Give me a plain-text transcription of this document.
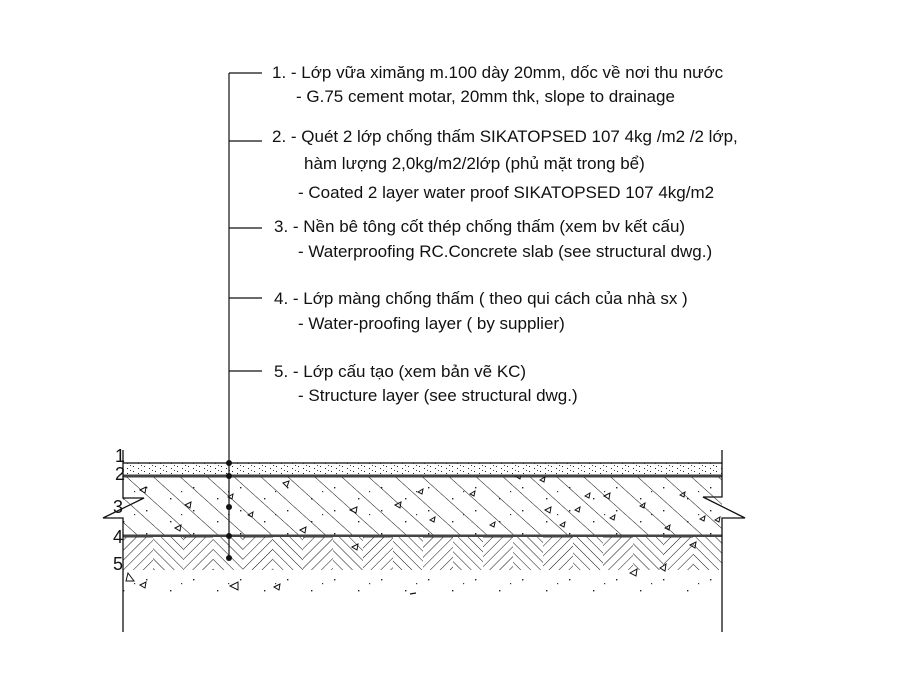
1
2
3
4
5
1. - Lớp vữa ximăng m.100 dày 20mm, dốc về nơi thu nước
- G.75 cement motar, 20mm thk, slope to drainage
2. - Quét 2 lớp chống thấm SIKATOPSED 107 4kg /m2 /2 lớp,
hàm lượng 2,0kg/m2/2lớp (phủ mặt trong bể)
- Coated 2 layer water proof SIKATOPSED 107 4kg/m2
3. - Nền bê tông cốt thép chống thấm (xem bv kết cấu)
- Waterproofing RC.Concrete slab (see structural dwg.)
4. - Lớp màng chống thấm ( theo qui cách của nhà sx )
- Water-proofing layer ( by supplier)
5. - Lớp cấu tạo (xem bản vẽ KC)
- Structure layer (see structural dwg.)
